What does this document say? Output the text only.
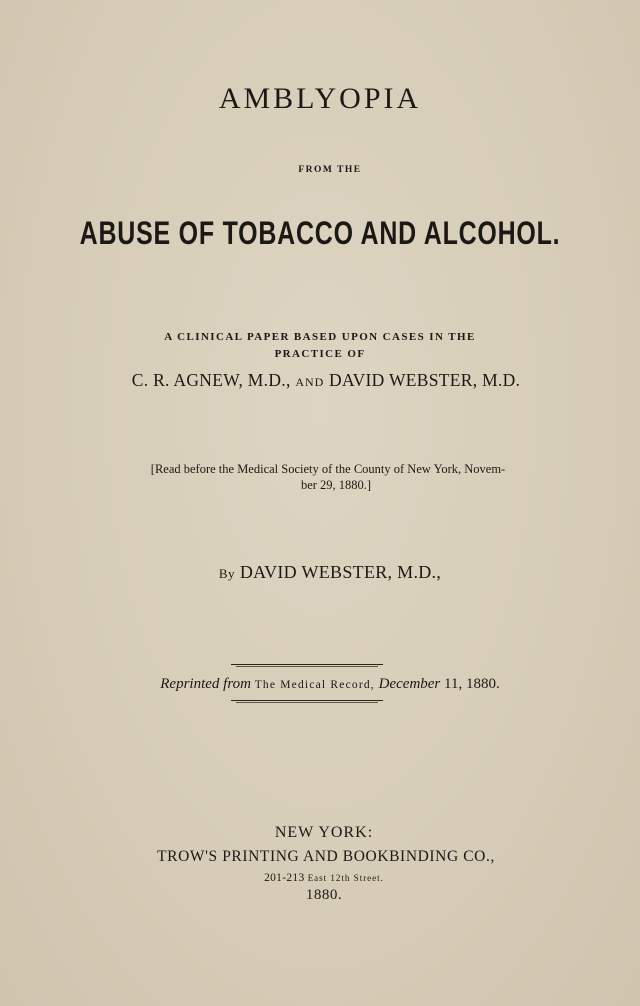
AMBLYOPIA
FROM THE
ABUSE OF TOBACCO AND ALCOHOL.
A CLINICAL PAPER BASED UPON CASES IN THE
PRACTICE OF
C. R. AGNEW, M.D., AND DAVID WEBSTER, M.D.
[Read before the Medical Society of the County of New York, Novem-
ber 29, 1880.]
By DAVID WEBSTER, M.D.,
Reprinted from The Medical Record, December 11, 1880.
NEW YORK:
TROW'S PRINTING AND BOOKBINDING CO.,
201-213 East 12th Street.
1880.
